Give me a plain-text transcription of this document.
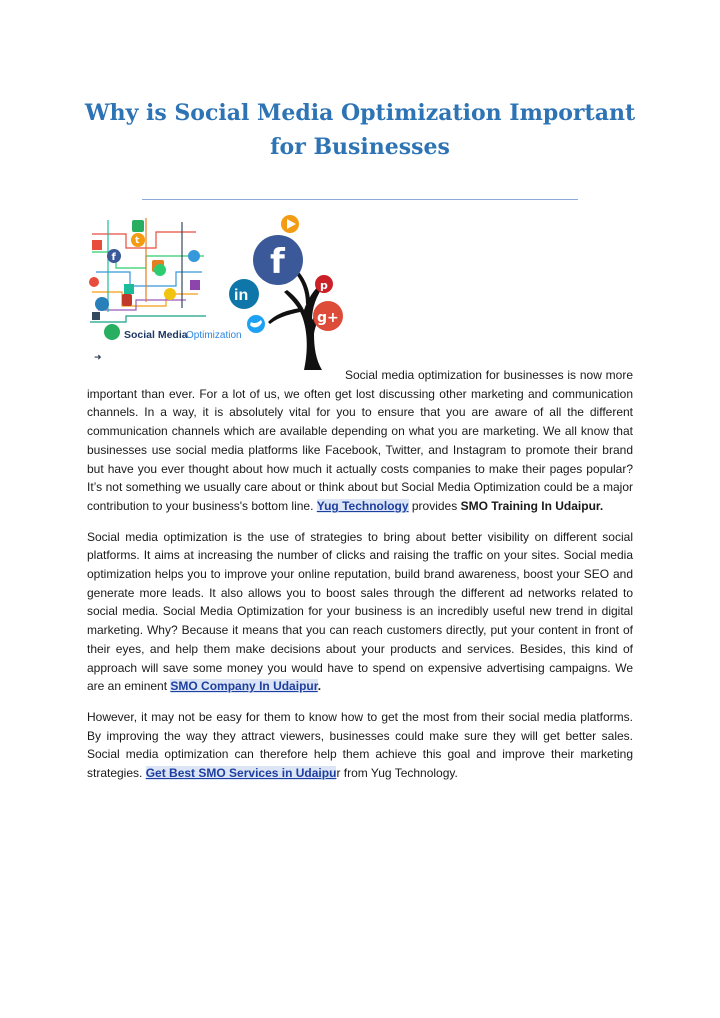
Why is Social Media Optimization Important for Businesses
t
f
Social Media
Optimization
➜
f
in
p
g+

Social media optimization for businesses is now more important than ever. For a lot of us, we often get lost discussing other marketing and communication channels. In a way, it is absolutely vital for you to ensure that you are aware of all the different communication channels which are available depending on what you are marketing. We all know that businesses use social media platforms like Facebook, Twitter, and Instagram to promote their brand but have you ever thought about how much it actually costs companies to make their pages popular? It’s not something we usually care about or think about but Social Media Optimization could be a major contribution to your business's bottom line. Yug Technology provides SMO Training In Udaipur.

Social media optimization is the use of strategies to bring about better visibility on different social platforms. It aims at increasing the number of clicks and raising the traffic on your sites. Social media optimization helps you to improve your online reputation, build brand awareness, boost your SEO and generate more leads. It also allows you to boost sales through the different ad networks related to social media. Social Media Optimization for your business is an incredibly useful new trend in digital marketing. Why? Because it means that you can reach customers directly, put your content in front of their eyes, and help them make decisions about your products and services. Besides, this kind of approach will save some money you would have to spend on expensive advertising campaigns. We are an eminent SMO Company In Udaipur.

However, it may not be easy for them to know how to get the most from their social media platforms. By improving the way they attract viewers, businesses could make sure they will get better sales. Social media optimization can therefore help them achieve this goal and improve their marketing strategies. Get Best SMO Services in Udaipur from Yug Technology.
